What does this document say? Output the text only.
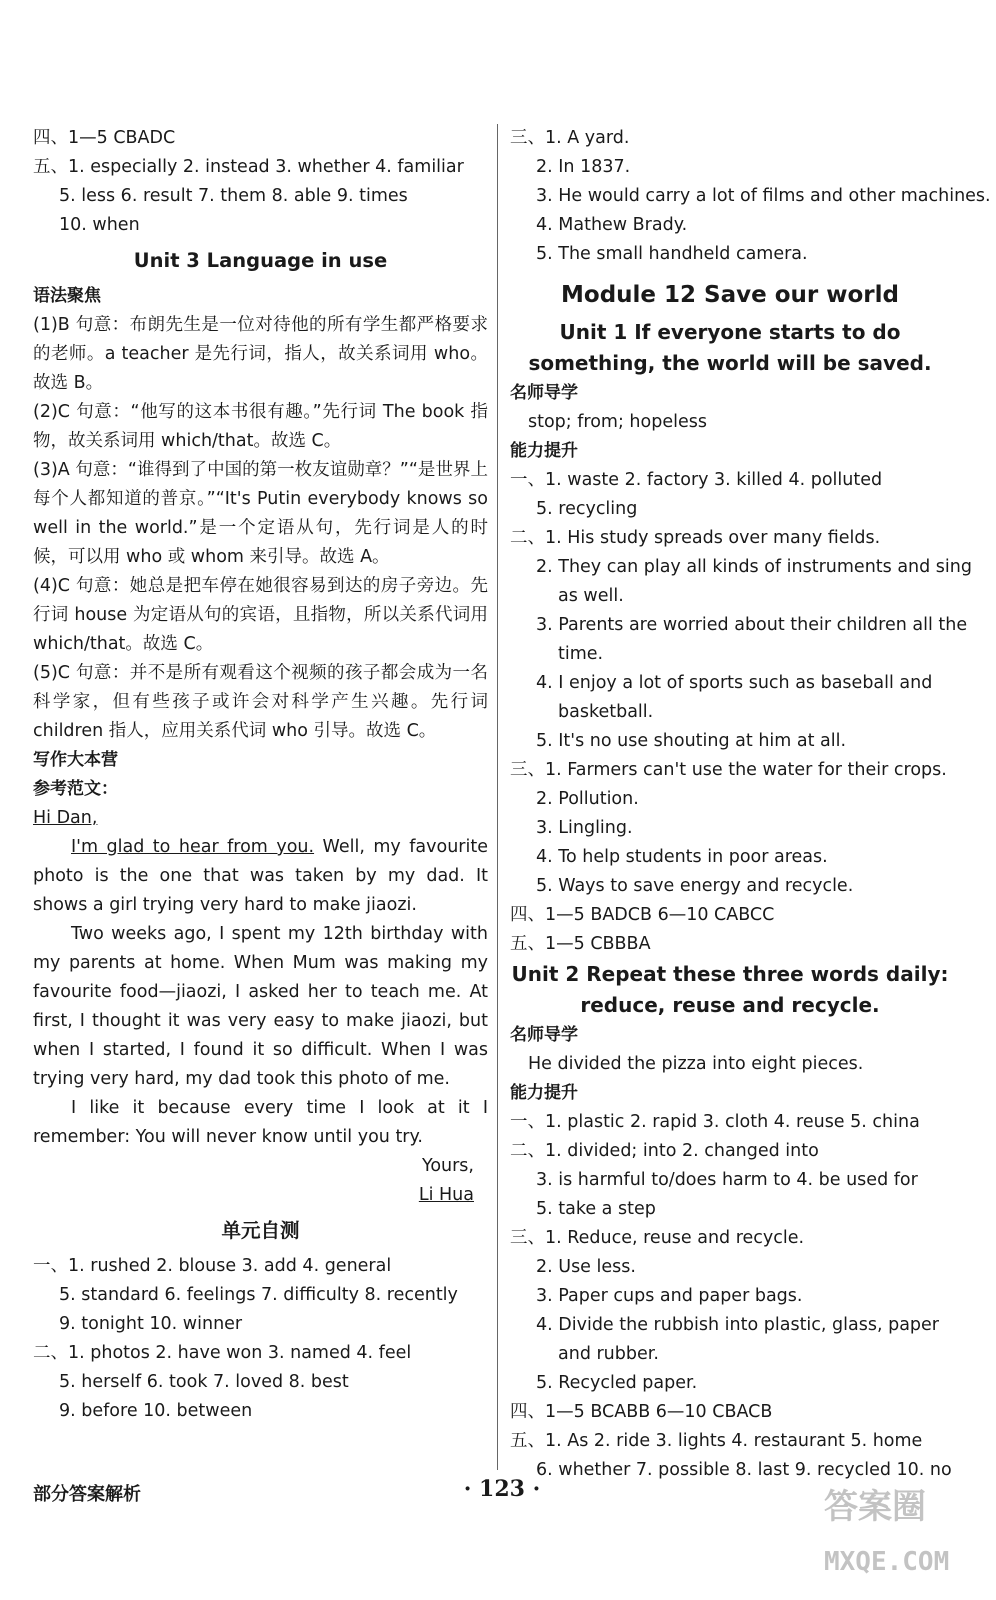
四、1—5 CBADC
五、1. especially 2. instead 3. whether 4. familiar
5. less 6. result 7. them 8. able 9. times
10. when
Unit 3 Language in use
语法聚焦
(1)B 句意：布朗先生是一位对待他的所有学生都严格要求的老师。a teacher 是先行词，指人，故关系词用 who。故选 B。
(2)C 句意：“他写的这本书很有趣。”先行词 The book 指物，故关系词用 which/that。故选 C。
(3)A 句意：“谁得到了中国的第一枚友谊勋章？”“是世界上每个人都知道的普京。”“It's Putin everybody knows so well in the world.”是一个定语从句，先行词是人的时候，可以用 who 或 whom 来引导。故选 A。
(4)C 句意：她总是把车停在她很容易到达的房子旁边。先行词 house 为定语从句的宾语，且指物，所以关系代词用 which/that。故选 C。
(5)C 句意：并不是所有观看这个视频的孩子都会成为一名科学家，但有些孩子或许会对科学产生兴趣。先行词 children 指人，应用关系代词 who 引导。故选 C。
写作大本营
参考范文：
Hi Dan,
I'm glad to hear from you. Well, my favourite photo is the one that was taken by my dad. It shows a girl trying very hard to make jiaozi.
Two weeks ago, I spent my 12th birthday with my parents at home. When Mum was making my favourite food—jiaozi, I asked her to teach me. At first, I thought it was very easy to make jiaozi, but when I started, I found it so difficult. When I was trying very hard, my dad took this photo of me.
I like it because every time I look at it I remember: You will never know until you try.
Yours,
Li Hua
单元自测
一、1. rushed 2. blouse 3. add 4. general
5. standard 6. feelings 7. difficulty 8. recently
9. tonight 10. winner
二、1. photos 2. have won 3. named 4. feel
5. herself 6. took 7. loved 8. best
9. before 10. between
三、1. A yard.
2. In 1837.
3. He would carry a lot of films and other machines.
4. Mathew Brady.
5. The small handheld camera.
Module 12 Save our world
Unit 1 If everyone starts to do
something, the world will be saved.
名师导学
stop; from; hopeless
能力提升
一、1. waste 2. factory 3. killed 4. polluted
5. recycling
二、1. His study spreads over many fields.
2. They can play all kinds of instruments and sing
as well.
3. Parents are worried about their children all the
time.
4. I enjoy a lot of sports such as baseball and
basketball.
5. It's no use shouting at him at all.
三、1. Farmers can't use the water for their crops.
2. Pollution.
3. Lingling.
4. To help students in poor areas.
5. Ways to save energy and recycle.
四、1—5 BADCB 6—10 CABCC
五、1—5 CBBBA
Unit 2 Repeat these three words daily:
reduce, reuse and recycle.
名师导学
He divided the pizza into eight pieces.
能力提升
一、1. plastic 2. rapid 3. cloth 4. reuse 5. china
二、1. divided; into 2. changed into
3. is harmful to/does harm to 4. be used for
5. take a step
三、1. Reduce, reuse and recycle.
2. Use less.
3. Paper cups and paper bags.
4. Divide the rubbish into plastic, glass, paper
and rubber.
5. Recycled paper.
四、1—5 BCABB 6—10 CBACB
五、1. As 2. ride 3. lights 4. restaurant 5. home
6. whether 7. possible 8. last 9. recycled 10. no
部分答案解析	· 123 ·	答案圈
MXQE.COM
